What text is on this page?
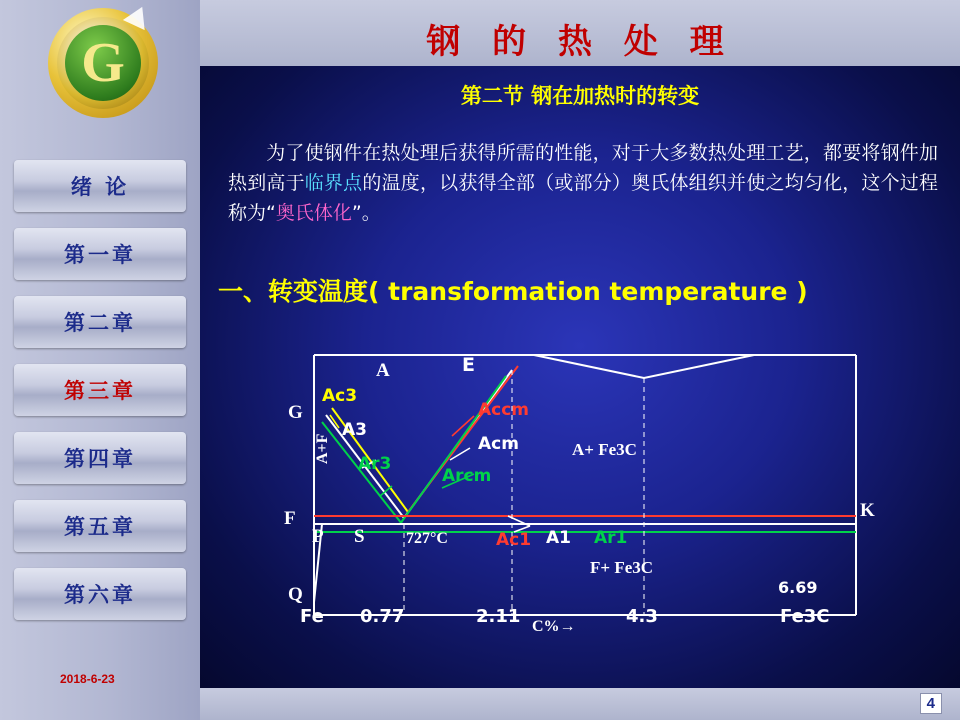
G
绪 论
第一章
第二章
第三章
第四章
第五章
第六章
2018-6-23
钢 的 热 处 理
第二节 钢在加热时的转变
为了使钢件在热处理后获得所需的性能，对于大多数热处理工艺，都要将钢件加热到高于临界点的温度，以获得全部（或部分）奥氏体组织并使之均匀化，这个过程称为“奥氏体化”。
一、转变温度( transformation temperature )
A	E
G
F
P S
Q
K
Ac3
A3
Ar3
Accm
Acm
Arcm
Ac1 A1 Ar1
A+F	A+ Fe3C
F+ Fe3C
727°C
6.69
Fe 0.77	2.11	4.3	Fe3C
C%→
4
